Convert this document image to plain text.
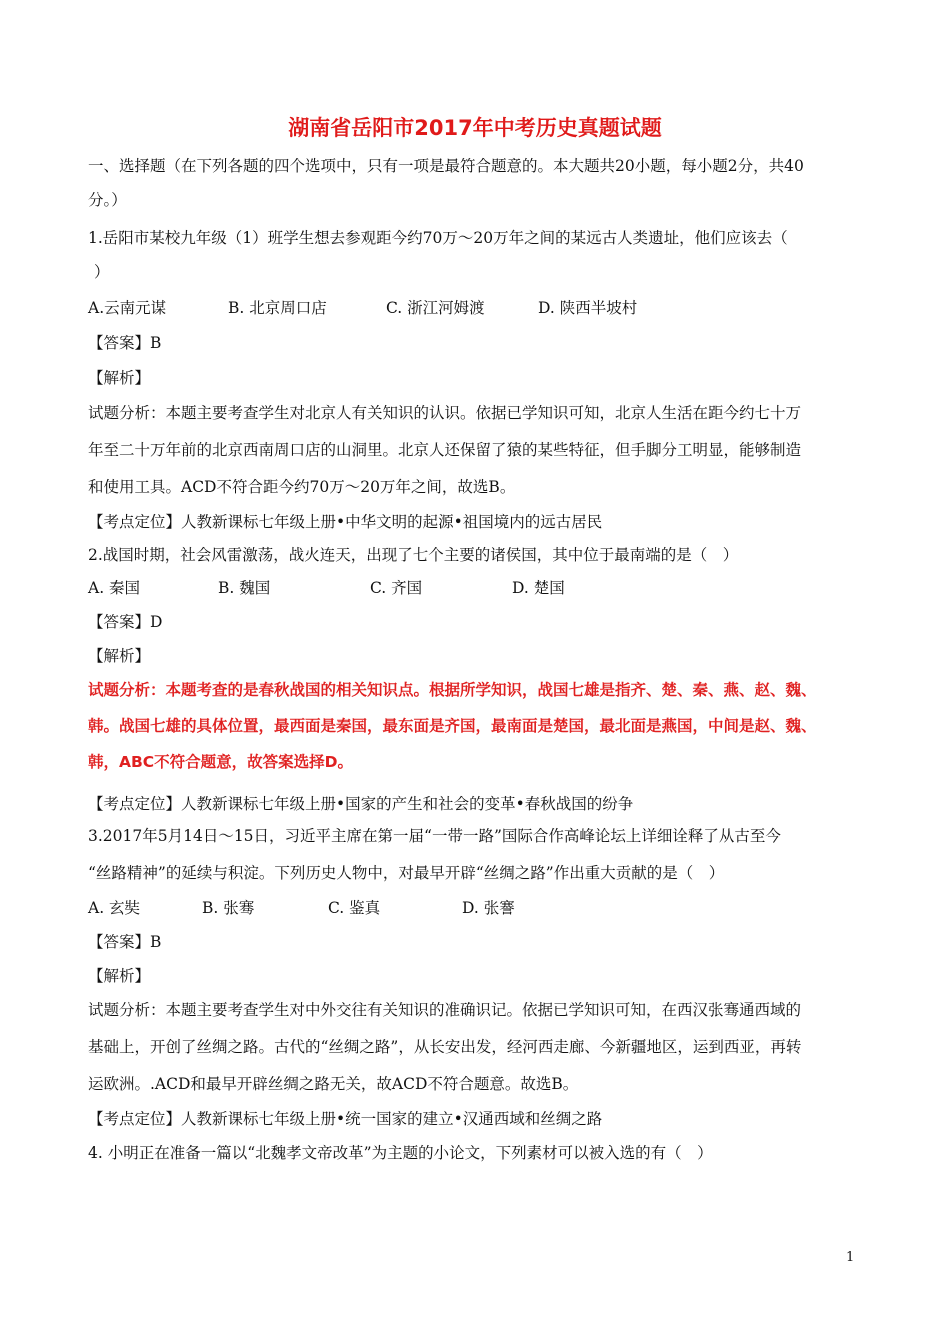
湖南省岳阳市2017年中考历史真题试题
一、选择题（在下列各题的四个选项中，只有一项是最符合题意的。本大题共20小题，每小题2分，共40
分。）
1.岳阳市某校九年级（1）班学生想去参观距今约70万～20万年之间的某远古人类遗址，他们应该去（
）
A.云南元谋	B. 北京周口店	C. 浙江河姆渡	D. 陕西半坡村
【答案】B
【解析】
试题分析：本题主要考查学生对北京人有关知识的认识。依据已学知识可知，北京人生活在距今约七十万
年至二十万年前的北京西南周口店的山洞里。北京人还保留了猿的某些特征，但手脚分工明显，能够制造
和使用工具。ACD不符合距今约70万～20万年之间，故选B。
【考点定位】人教新课标七年级上册•中华文明的起源•祖国境内的远古居民
2.战国时期，社会风雷激荡，战火连天，出现了七个主要的诸侯国，其中位于最南端的是（　）
A. 秦国	B. 魏国	C. 齐国	D. 楚国
【答案】D
【解析】
试题分析：本题考查的是春秋战国的相关知识点。根据所学知识，战国七雄是指齐、楚、秦、燕、赵、魏、
韩。战国七雄的具体位置，最西面是秦国，最东面是齐国，最南面是楚国，最北面是燕国，中间是赵、魏、
韩，ABC不符合题意，故答案选择D。
【考点定位】人教新课标七年级上册•国家的产生和社会的变革•春秋战国的纷争
3.2017年5月14日～15日，习近平主席在第一届“一带一路”国际合作高峰论坛上详细诠释了从古至今
“丝路精神”的延续与积淀。下列历史人物中，对最早开辟“丝绸之路”作出重大贡献的是（　）
A. 玄奘	B. 张骞	C. 鉴真	D. 张謇
【答案】B
【解析】
试题分析：本题主要考查学生对中外交往有关知识的准确识记。依据已学知识可知，在西汉张骞通西域的
基础上，开创了丝绸之路。古代的“丝绸之路”，从长安出发，经河西走廊、今新疆地区，运到西亚，再转
运欧洲。.ACD和最早开辟丝绸之路无关，故ACD不符合题意。故选B。
【考点定位】人教新课标七年级上册•统一国家的建立•汉通西域和丝绸之路
4. 小明正在准备一篇以“北魏孝文帝改革”为主题的小论文，下列素材可以被入选的有（　）
1
